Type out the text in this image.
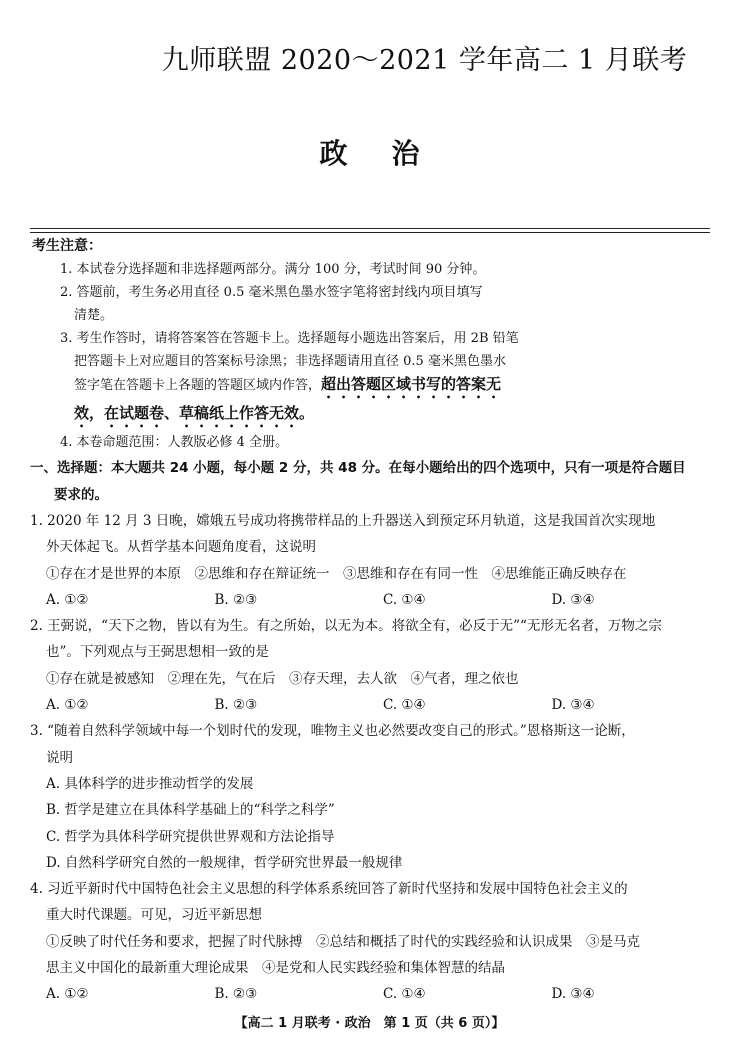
九师联盟 2020～2021 学年高二 1 月联考
政治
考生注意：
1. 本试卷分选择题和非选择题两部分。满分 100 分，考试时间 90 分钟。
2. 答题前，考生务必用直径 0.5 毫米黑色墨水签字笔将密封线内项目填写
清楚。
3. 考生作答时，请将答案答在答题卡上。选择题每小题选出答案后，用 2B 铅笔
把答题卡上对应题目的答案标号涂黑；非选择题请用直径 0.5 毫米黑色墨水
签字笔在答题卡上各题的答题区域内作答，超出答题区域书写的答案无
效，在试题卷、草稿纸上作答无效。
4. 本卷命题范围：人教版必修 4 全册。
一、选择题：本大题共 24 小题，每小题 2 分，共 48 分。在每小题给出的四个选项中，只有一项是符合题目
要求的。
1. 2020 年 12 月 3 日晚，嫦娥五号成功将携带样品的上升器送入到预定环月轨道，这是我国首次实现地
外天体起飞。从哲学基本问题角度看，这说明
①存在才是世界的本原　②思维和存在辩证统一　③思维和存在有同一性　④思维能正确反映存在
A. ①②	B. ②③	C. ①④	D. ③④
2. 王弼说，“天下之物，皆以有为生。有之所始，以无为本。将欲全有，必反于无”“无形无名者，万物之宗
也”。下列观点与王弼思想相一致的是
①存在就是被感知　②理在先，气在后　③存天理，去人欲　④气者，理之依也
A. ①②	B. ②③	C. ①④	D. ③④
3. “随着自然科学领域中每一个划时代的发现，唯物主义也必然要改变自己的形式。”恩格斯这一论断，
说明
A. 具体科学的进步推动哲学的发展
B. 哲学是建立在具体科学基础上的“科学之科学”
C. 哲学为具体科学研究提供世界观和方法论指导
D. 自然科学研究自然的一般规律，哲学研究世界最一般规律
4. 习近平新时代中国特色社会主义思想的科学体系系统回答了新时代坚持和发展中国特色社会主义的
重大时代课题。可见，习近平新思想
①反映了时代任务和要求，把握了时代脉搏　②总结和概括了时代的实践经验和认识成果　③是马克
思主义中国化的最新重大理论成果　④是党和人民实践经验和集体智慧的结晶
A. ①②	B. ②③	C. ①④	D. ③④
【高二 1 月联考 · 政治　第 1 页（共 6 页）】
